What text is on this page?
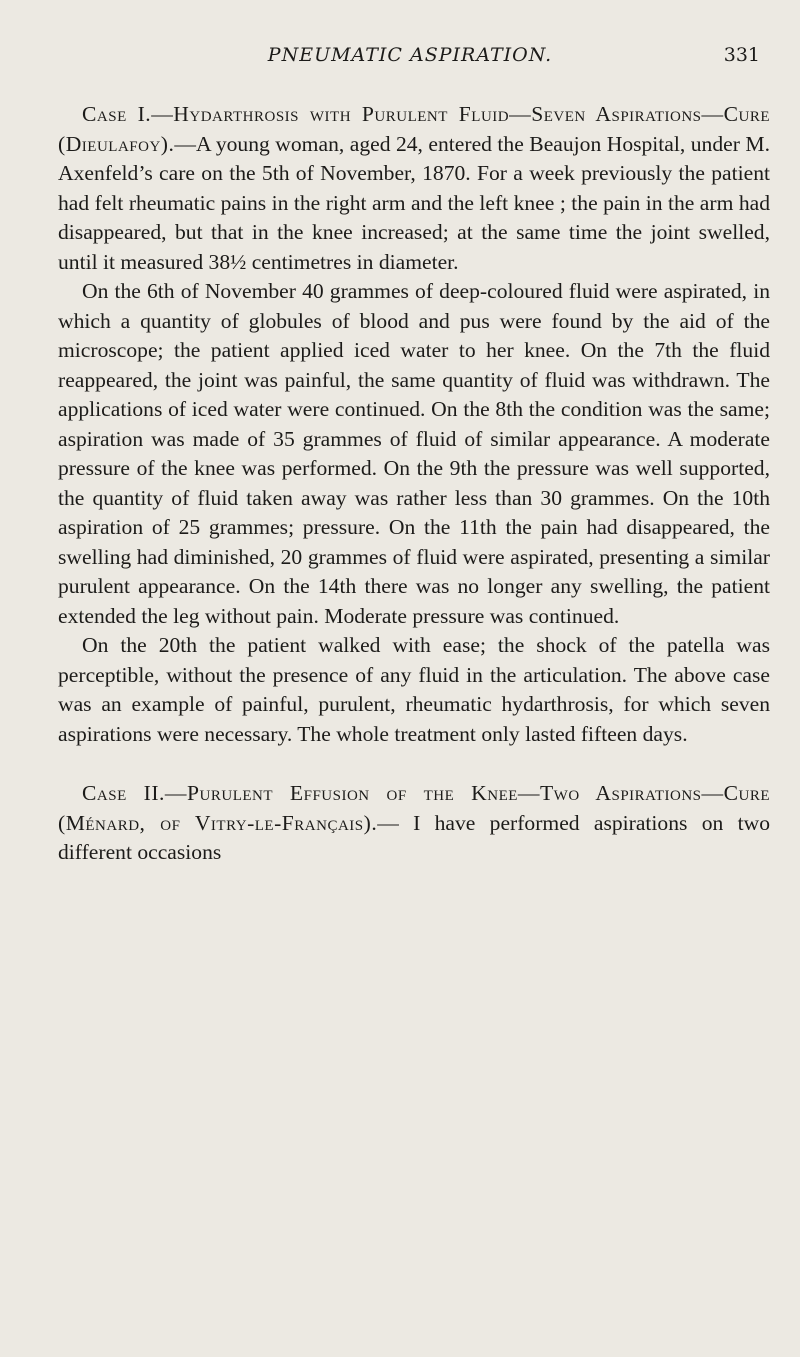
PNEUMATIC ASPIRATION.	331

Case I.—Hydarthrosis with Purulent Fluid—Seven Aspirations—Cure (Dieulafoy).—A young woman, aged 24, entered the Beaujon Hospital, under M. Axenfeld’s care on the 5th of November, 1870. For a week previously the patient had felt rheumatic pains in the right arm and the left knee ; the pain in the arm had disappeared, but that in the knee increased; at the same time the joint swelled, until it measured 38½ centimetres in diameter.

On the 6th of November 40 grammes of deep-coloured fluid were aspirated, in which a quantity of globules of blood and pus were found by the aid of the microscope; the patient applied iced water to her knee. On the 7th the fluid reappeared, the joint was painful, the same quantity of fluid was withdrawn. The applications of iced water were continued. On the 8th the condition was the same; aspiration was made of 35 grammes of fluid of similar appearance. A moderate pressure of the knee was performed. On the 9th the pressure was well supported, the quantity of fluid taken away was rather less than 30 grammes. On the 10th aspiration of 25 grammes; pressure. On the 11th the pain had disappeared, the swelling had diminished, 20 grammes of fluid were aspirated, presenting a similar purulent appearance. On the 14th there was no longer any swelling, the patient extended the leg without pain. Moderate pressure was continued.

On the 20th the patient walked with ease; the shock of the patella was perceptible, without the presence of any fluid in the articulation. The above case was an example of painful, purulent, rheumatic hydarthrosis, for which seven aspirations were necessary. The whole treatment only lasted fifteen days.

Case II.—Purulent Effusion of the Knee—Two Aspirations—Cure (Ménard, of Vitry-le-Français).— I have performed aspirations on two different occasions
